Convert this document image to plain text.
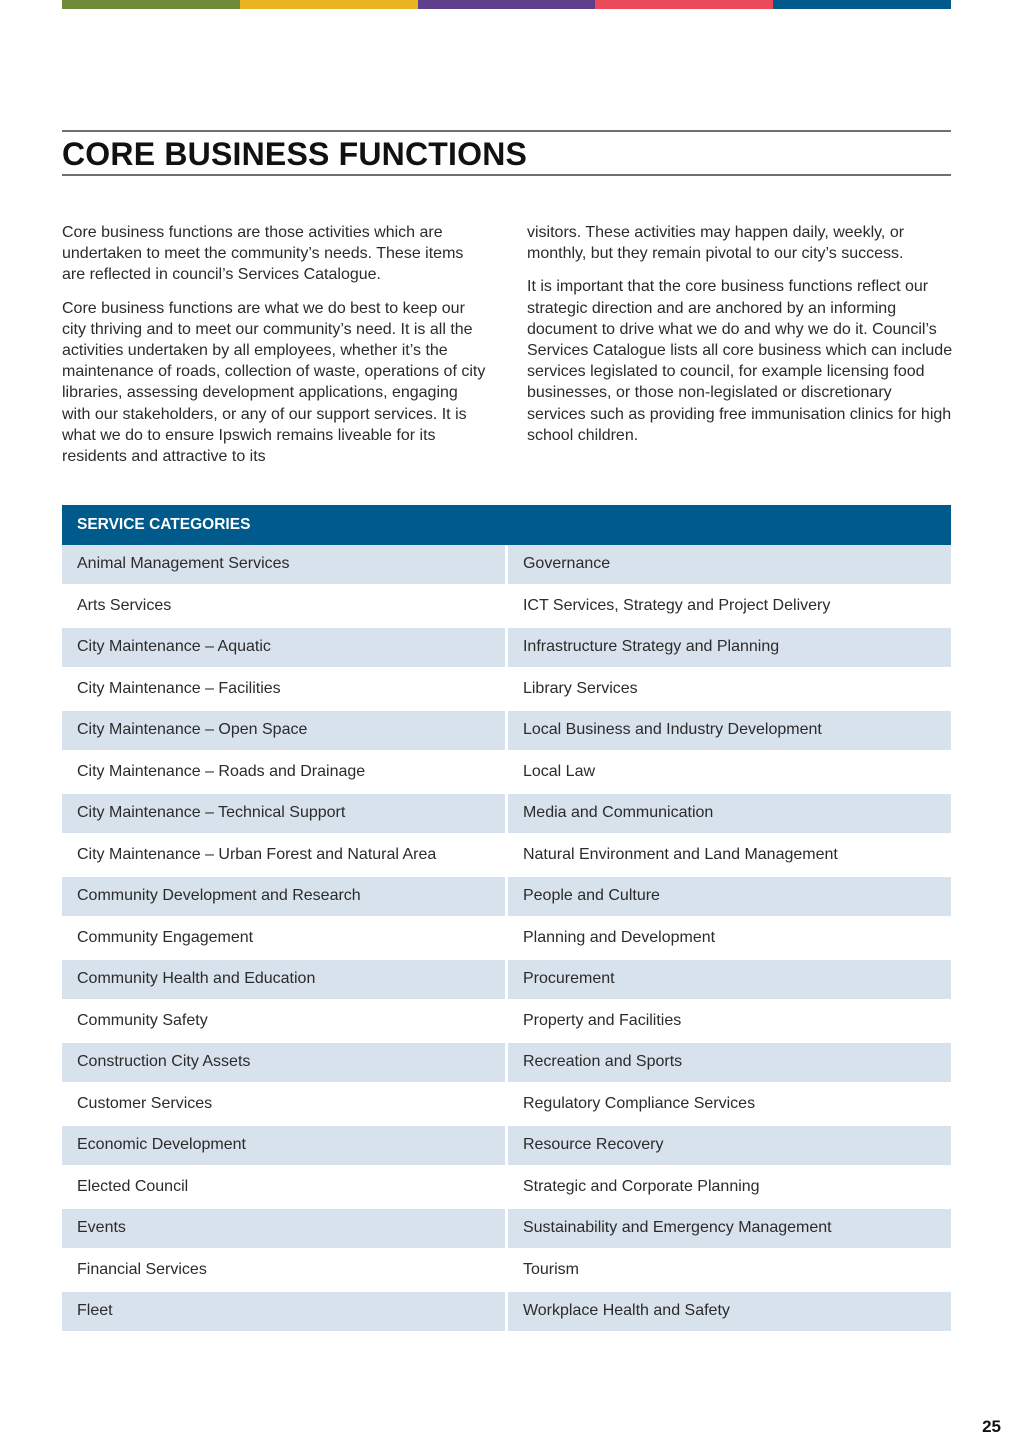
CORE BUSINESS FUNCTIONS

Core business functions are those activities which are undertaken to meet the community’s needs. These items are reflected in council’s Services Catalogue.

Core business functions are what we do best to keep our city thriving and to meet our community’s need. It is all the activities undertaken by all employees, whether it’s the maintenance of roads, collection of waste, operations of city libraries, assessing development applications, engaging with our stakeholders, or any of our support services. It is what we do to ensure Ipswich remains liveable for its residents and attractive to its

visitors. These activities may happen daily, weekly, or monthly, but they remain pivotal to our city’s success.

It is important that the core business functions reflect our strategic direction and are anchored by an informing document to drive what we do and why we do it. Council’s Services Catalogue lists all core business which can include services legislated to council, for example licensing food businesses, or those non-legislated or discretionary services such as providing free immunisation clinics for high school children.

SERVICE CATEGORIES	
Animal Management Services	Governance
Arts Services	ICT Services, Strategy and Project Delivery
City Maintenance – Aquatic	Infrastructure Strategy and Planning
City Maintenance – Facilities	Library Services
City Maintenance – Open Space	Local Business and Industry Development
City Maintenance – Roads and Drainage	Local Law
City Maintenance – Technical Support	Media and Communication
City Maintenance – Urban Forest and Natural Area	Natural Environment and Land Management
Community Development and Research	People and Culture
Community Engagement	Planning and Development
Community Health and Education	Procurement
Community Safety	Property and Facilities
Construction City Assets	Recreation and Sports
Customer Services	Regulatory Compliance Services
Economic Development	Resource Recovery
Elected Council	Strategic and Corporate Planning
Events	Sustainability and Emergency Management
Financial Services	Tourism
Fleet	Workplace Health and Safety
25
